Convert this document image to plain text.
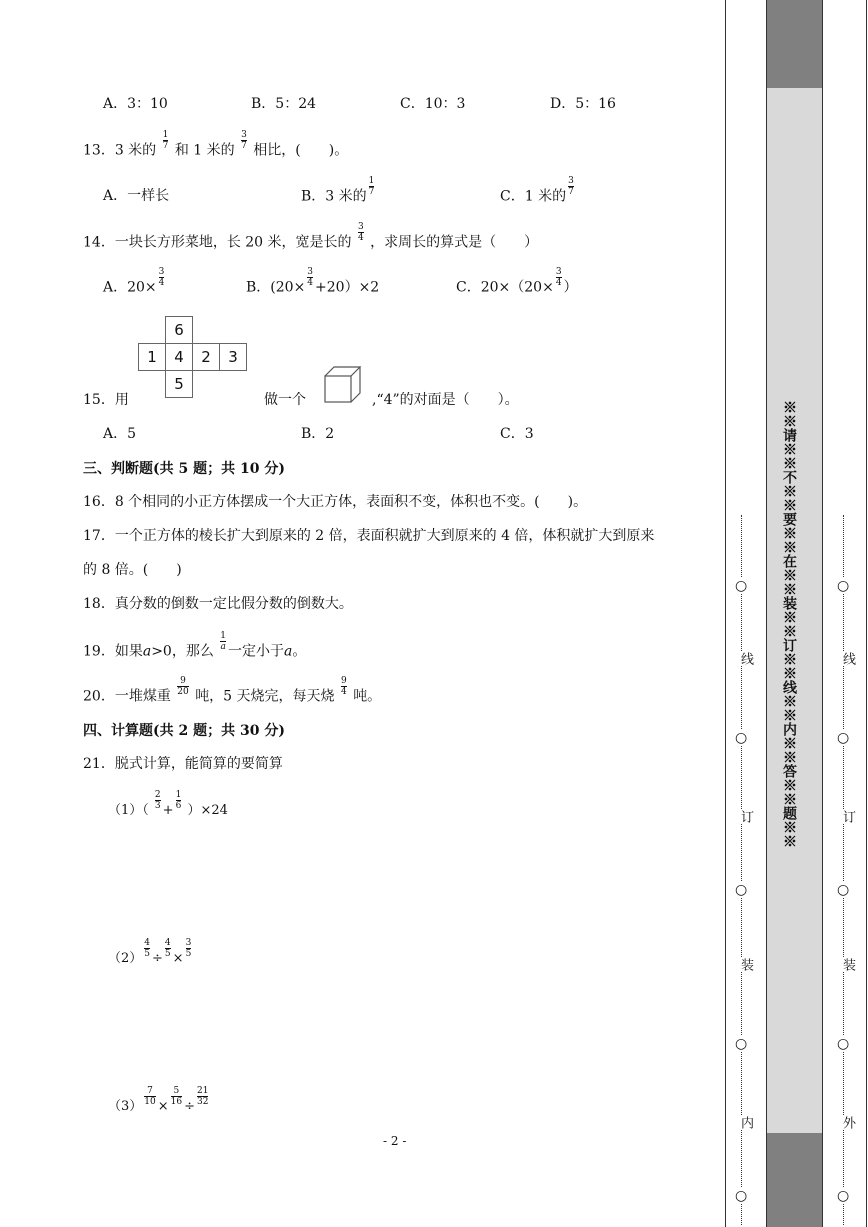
A．3：10	B．5：24	C．10：3	D．5：16
13．3 米的 $\frac{1}{7}$ 和 1 米的 $\frac{3}{7}$ 相比，(　　)。
A．一样长	B．3 米的 $\frac{1}{7}$	C．1 米的 $\frac{3}{7}$
14．一块长方形菜地，长 20 米，宽是长的 $\frac{3}{4}$ ，求周长的算式是（　　）
A．$20\times \frac{3}{4}$	B．$(20\times \frac{3}{4} +20)\times 2$	C．$20\times(20\times \frac{3}{4}$ ）
	6		
1	4	2	3
	5		
15．用	做一个	,“4”的对面是（　　）。
A．5	B．2	C．3
三、判断题(共 5 题；共 10 分)
16．8 个相同的小正方体摆成一个大正方体，表面积不变，体积也不变。(　　)。
17．一个正方体的棱长扩大到原来的 2 倍，表面积就扩大到原来的 4 倍，体积就扩大到原来
的 8 倍。(　　)
18．真分数的倒数一定比假分数的倒数大。
19．如果a>0，那么 $\frac{1}{a}$ 一定小于a。
20．一堆煤重 $\frac{9}{20}$ 吨，5 天烧完，每天烧 $\frac{9}{4}$ 吨。
四、计算题(共 2 题；共 30 分)
21．脱式计算，能简算的要简算
$(1)( \frac{2}{3} + \frac{1}{6} )\times 24$
$(2) \frac{4}{5} \div \frac{4}{5} \times \frac{3}{5}$
$(3) \frac{7}{10} \times \frac{5}{16} \div \frac{21}{32}$
- 2 -
※※请※※不※※要※※在※※装※※订※※线※※内※※答※※题※※
○
线
○
订
○
装
○
内
○
○
线
○
订
○
装
○
外
○
